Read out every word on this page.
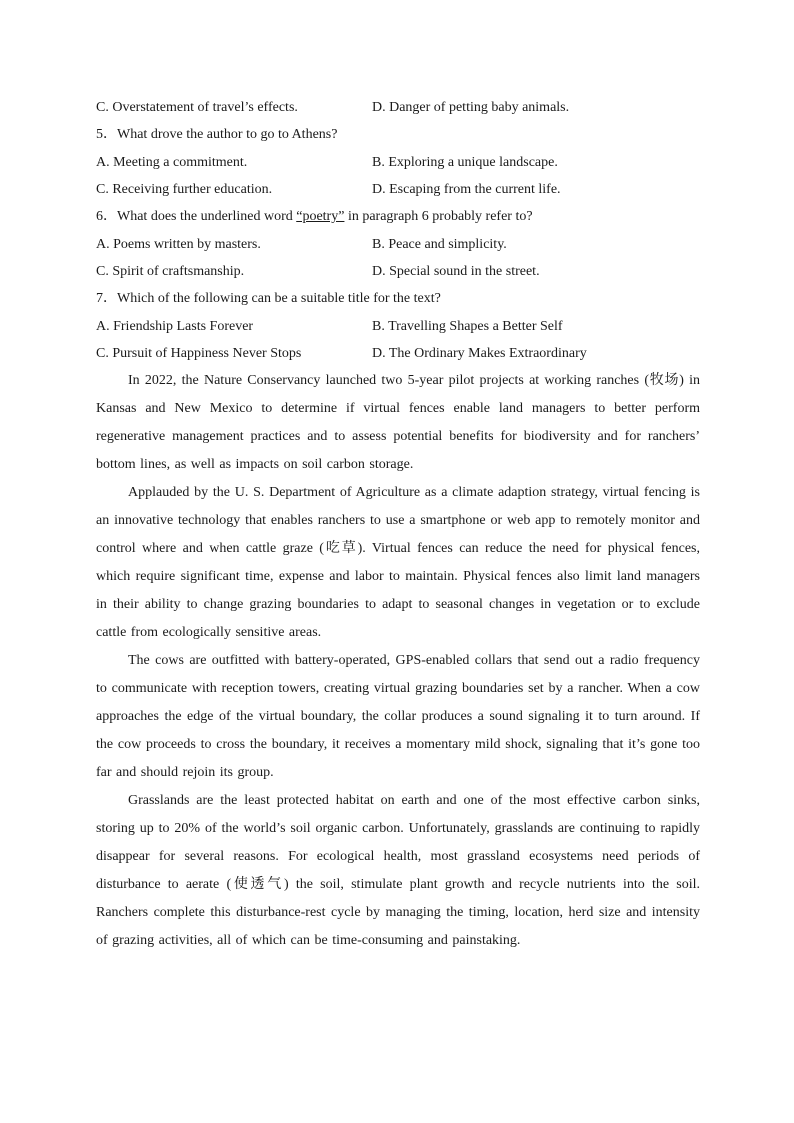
C. Overstatement of travel’s effects.	D. Danger of petting baby animals.
5．What drove the author to go to Athens?
A. Meeting a commitment.	B. Exploring a unique landscape.
C. Receiving further education.	D. Escaping from the current life.
6．What does the underlined word “poetry” in paragraph 6 probably refer to?
A. Poems written by masters.	B. Peace and simplicity.
C. Spirit of craftsmanship.	D. Special sound in the street.
7．Which of the following can be a suitable title for the text?
A. Friendship Lasts Forever	B. Travelling Shapes a Better Self
C. Pursuit of Happiness Never Stops	D. The Ordinary Makes Extraordinary

In 2022, the Nature Conservancy launched two 5-year pilot projects at working ranches (牧场) in Kansas and New Mexico to determine if virtual fences enable land managers to better perform regenerative management practices and to assess potential benefits for biodiversity and for ranchers’ bottom lines, as well as impacts on soil carbon storage.

Applauded by the U. S. Department of Agriculture as a climate adaption strategy, virtual fencing is an innovative technology that enables ranchers to use a smartphone or web app to remotely monitor and control where and when cattle graze (吃草). Virtual fences can reduce the need for physical fences, which require significant time, expense and labor to maintain. Physical fences also limit land managers in their ability to change grazing boundaries to adapt to seasonal changes in vegetation or to exclude cattle from ecologically sensitive areas.

The cows are outfitted with battery-operated, GPS-enabled collars that send out a radio frequency to communicate with reception towers, creating virtual grazing boundaries set by a rancher. When a cow approaches the edge of the virtual boundary, the collar produces a sound signaling it to turn around. If the cow proceeds to cross the boundary, it receives a momentary mild shock, signaling that it’s gone too far and should rejoin its group.

Grasslands are the least protected habitat on earth and one of the most effective carbon sinks, storing up to 20% of the world’s soil organic carbon. Unfortunately, grasslands are continuing to rapidly disappear for several reasons. For ecological health, most grassland ecosystems need periods of disturbance to aerate (使透气) the soil, stimulate plant growth and recycle nutrients into the soil. Ranchers complete this disturbance-rest cycle by managing the timing, location, herd size and intensity of grazing activities, all of which can be time-consuming and painstaking.
